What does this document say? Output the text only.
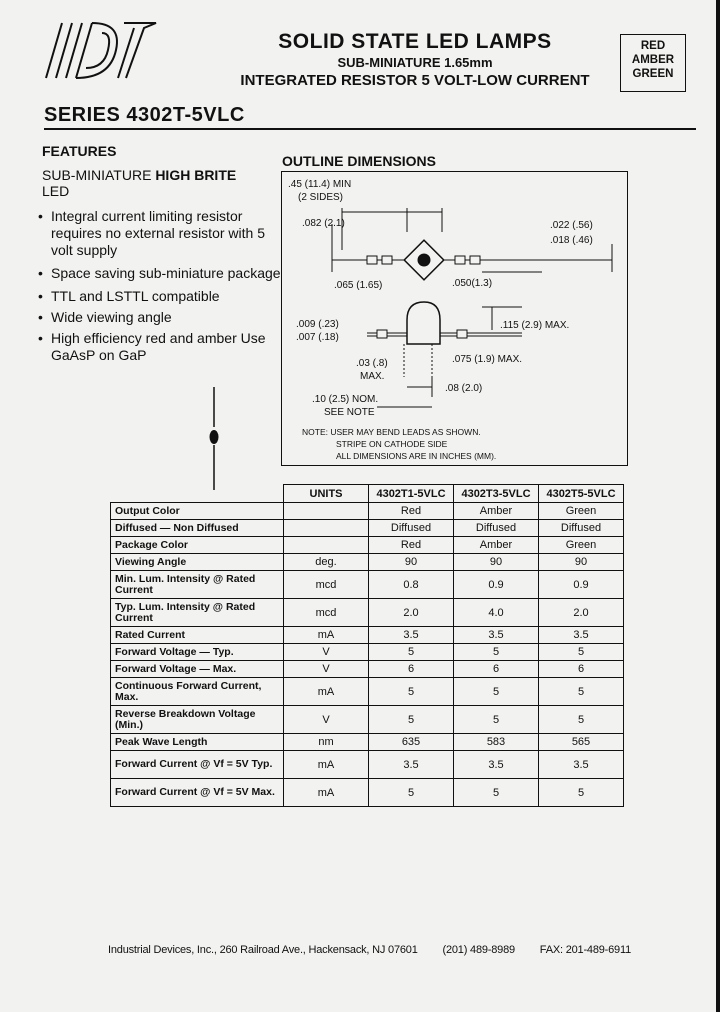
SOLID STATE LED LAMPS
SUB-MINIATURE 1.65mm
INTEGRATED RESISTOR 5 VOLT-LOW CURRENT
RED
AMBER
GREEN
SERIES 4302T-5VLC
FEATURES
SUB-MINIATURE HIGH BRITE
LED
• Integral current limiting resistor requires no external resistor with 5 volt supply
• Space saving sub-miniature package
• TTL and LSTTL compatible
• Wide viewing angle
• High efficiency red and amber Use GaAsP on GaP
OUTLINE DIMENSIONS
.45 (11.4) MIN
(2 SIDES)
.082 (2.1)	.022 (.56)
.018 (.46)
.065 (1.65)	.050(1.3)
.009 (.23)
.007 (.18)
.115 (2.9) MAX.
.03 (.8)
MAX.
.075 (1.9) MAX.
.08 (2.0)
.10 (2.5) NOM.
SEE NOTE
NOTE: USER MAY BEND LEADS AS SHOWN.
STRIPE ON CATHODE SIDE
ALL DIMENSIONS ARE IN INCHES (MM).
	UNITS	4302T1-5VLC	4302T3-5VLC	4302T5-5VLC
Output Color		Red	Amber	Green
Diffused — Non Diffused		Diffused	Diffused	Diffused
Package Color		Red	Amber	Green
Viewing Angle	deg.	90	90	90
Min. Lum. Intensity @ Rated Current	mcd	0.8	0.9	0.9
Typ. Lum. Intensity @ Rated Current	mcd	2.0	4.0	2.0
Rated Current	mA	3.5	3.5	3.5
Forward Voltage — Typ.	V	5	5	5
Forward Voltage — Max.	V	6	6	6
Continuous Forward Current, Max.	mA	5	5	5
Reverse Breakdown Voltage (Min.)	V	5	5	5
Peak Wave Length	nm	635	583	565
Forward Current @ Vf = 5V Typ.	mA	3.5	3.5	3.5
Forward Current @ Vf = 5V Max.	mA	5	5	5
Industrial Devices, Inc., 260 Railroad Ave., Hackensack, NJ 07601 (201) 489-8989 FAX: 201-489-6911
